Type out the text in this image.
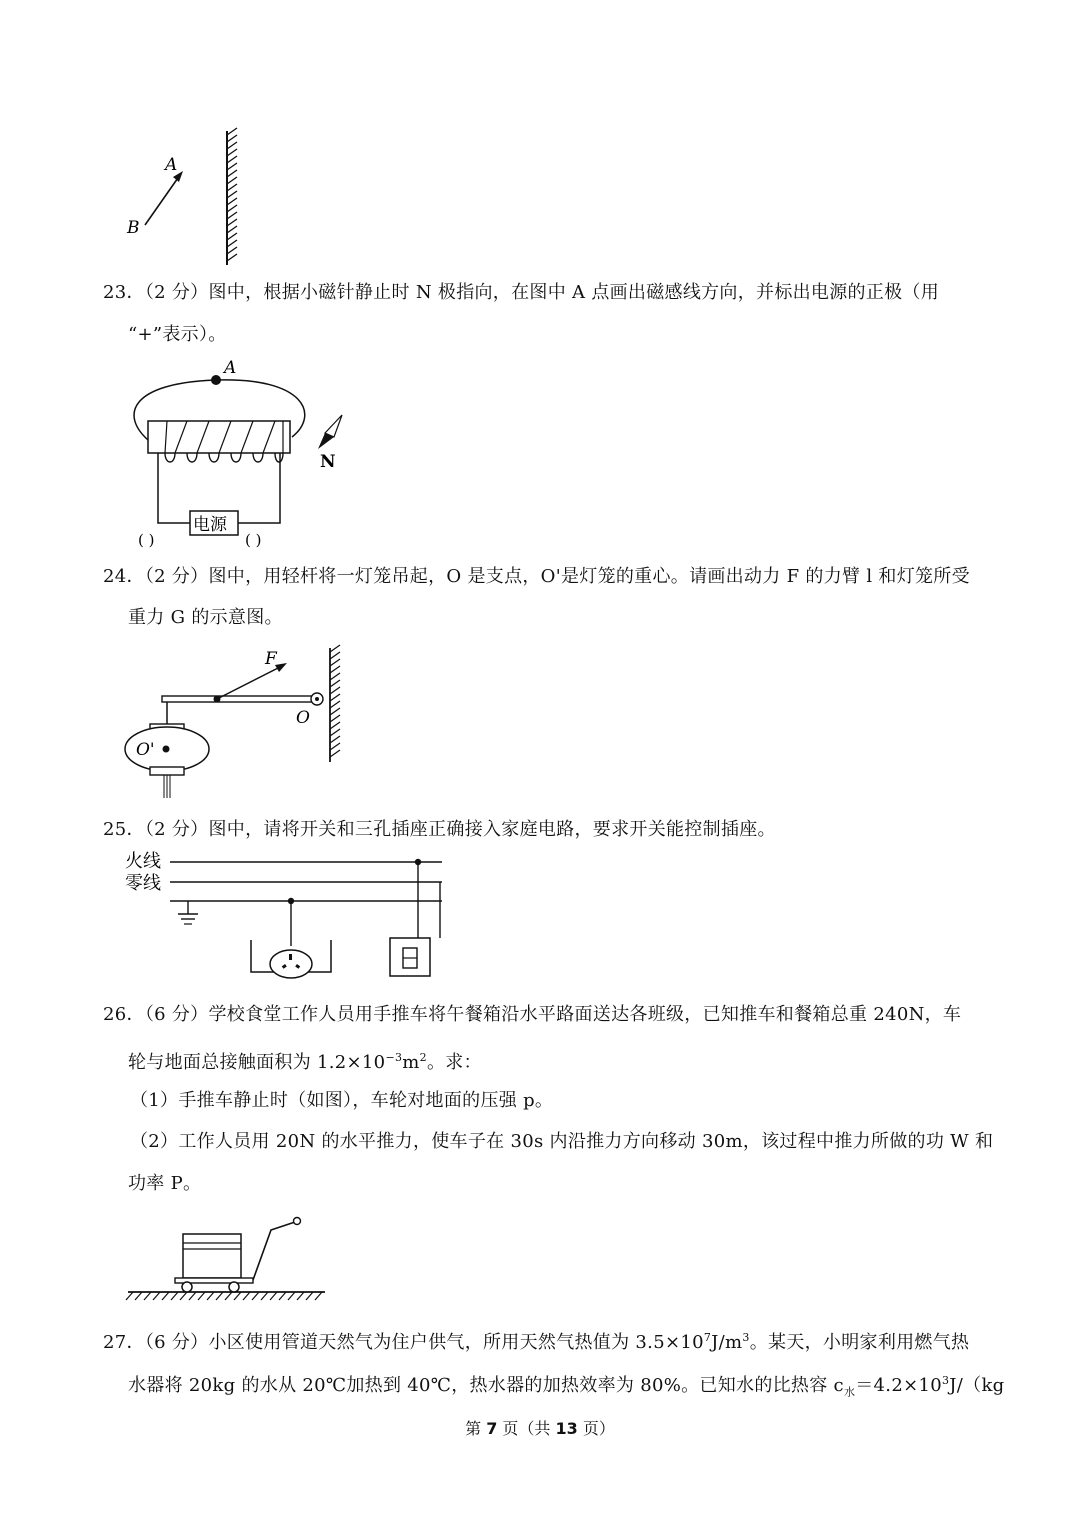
A
B
23．（2 分）图中，根据小磁针静止时 N 极指向，在图中 A 点画出磁感线方向，并标出电源的正极（用
“+”表示）。
A
电源
( )	( )
N
24．（2 分）图中，用轻杆将一灯笼吊起，O 是支点，O'是灯笼的重心。请画出动力 F 的力臂 l 和灯笼所受
重力 G 的示意图。
O
F
O'
25．（2 分）图中，请将开关和三孔插座正确接入家庭电路，要求开关能控制插座。
火线
零线
26．（6 分）学校食堂工作人员用手推车将午餐箱沿水平路面送达各班级，已知推车和餐箱总重 240N，车
轮与地面总接触面积为 $1.2\times 10^{-3}m^2$。求：
（1）手推车静止时（如图），车轮对地面的压强 p。
（2）工作人员用 20N 的水平推力，使车子在 30s 内沿推力方向移动 30m，该过程中推力所做的功 W 和
功率 P。
27．（6 分）小区使用管道天然气为住户供气，所用天然气热值为 $3.5\times 10^7J/m^3$。某天，小明家利用燃气热
水器将 20kg 的水从 20℃加热到 40℃，热水器的加热效率为 80%。已知水的比热容 $c_水=4.2\times 10^3J/(kg$
第 7 页（共 13 页）
